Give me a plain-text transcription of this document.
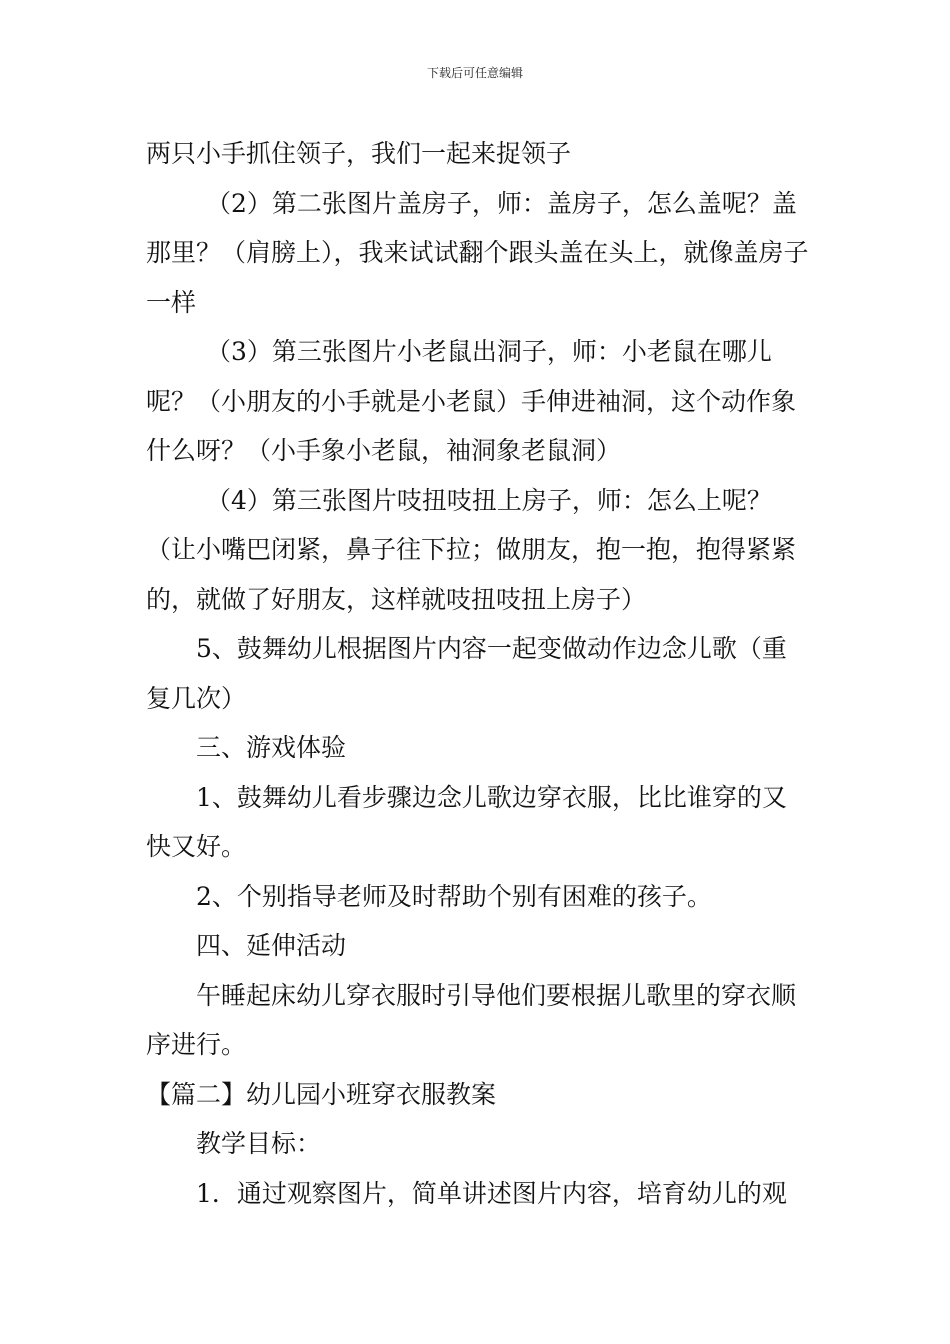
下载后可任意编辑

两只小手抓住领子，我们一起来捉领子

（2）第二张图片盖房子，师：盖房子，怎么盖呢？盖那里？（肩膀上），我来试试翻个跟头盖在头上，就像盖房子一样

（3）第三张图片小老鼠出洞子，师：小老鼠在哪儿呢？（小朋友的小手就是小老鼠）手伸进袖洞，这个动作象什么呀？（小手象小老鼠，袖洞象老鼠洞）

（4）第三张图片吱扭吱扭上房子，师：怎么上呢？（让小嘴巴闭紧，鼻子往下拉；做朋友，抱一抱，抱得紧紧的，就做了好朋友，这样就吱扭吱扭上房子）

5、鼓舞幼儿根据图片内容一起变做动作边念儿歌（重复几次）

三、游戏体验

1、鼓舞幼儿看步骤边念儿歌边穿衣服，比比谁穿的又快又好。

2、个别指导老师及时帮助个别有困难的孩子。

四、延伸活动

午睡起床幼儿穿衣服时引导他们要根据儿歌里的穿衣顺序进行。

【篇二】幼儿园小班穿衣服教案

教学目标：

1．通过观察图片，简单讲述图片内容，培育幼儿的观
